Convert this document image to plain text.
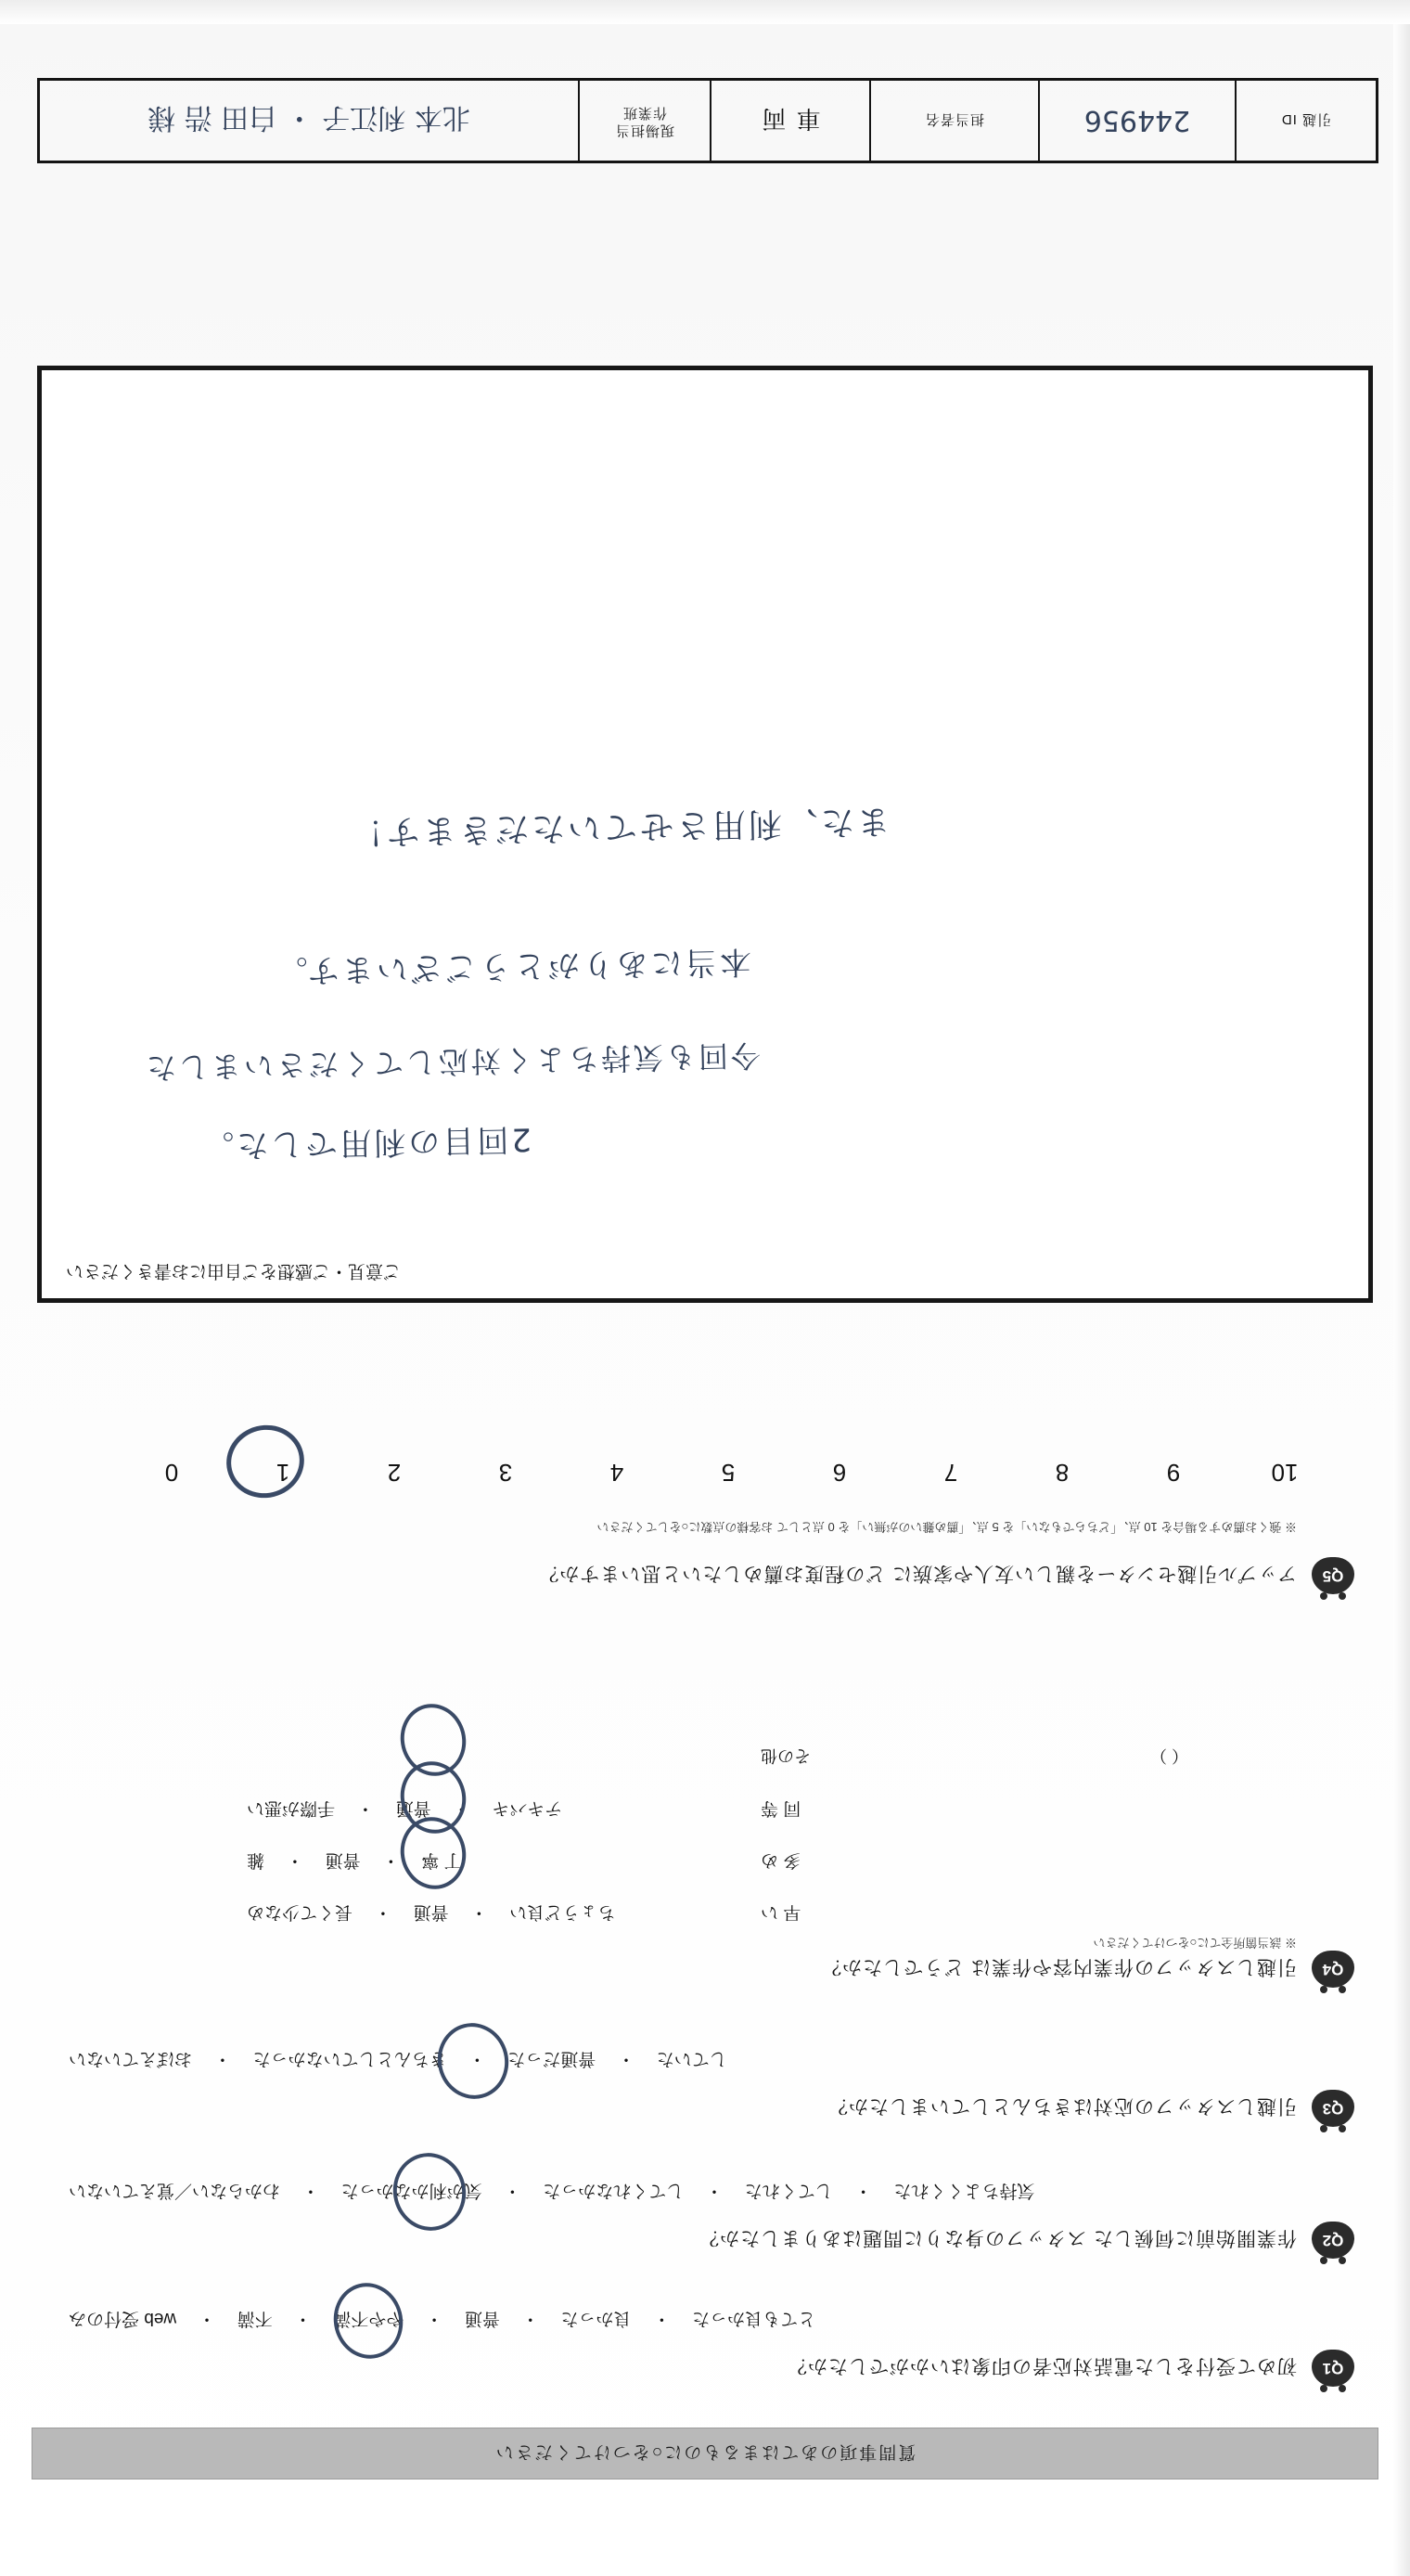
質問事項のあてはまるものに○をつけてください
Q1
初めて受付をした電話対応者の印象はいかがでしたか？
とても良かった ・ 良かった ・ 普通 ・ やや不満 ・ 不満 ・ web 受付のみ
Q2
作業開始前に伺候した スタッフの身なりに問題はありましたか？
気持ちよくくれた ・ してくれた ・ してくれなかった ・ 気が利かなかった ・ わからない／覚えていない
Q3
引越しスタッフの応対はきちんとしていましたか？
していた ・ 普通だった ・ きちんとしていなかった ・ おぼえていない
Q4
引越しスタッフの作業内容や作業は どうでしたか？
※ 該当箇所全てに○をつけてください
早 い
ちょうど良い ・ 普通 ・ 長くて少なめ
多 め
丁 寧 ・ 普通 ・ 雑
同 等
テキパキ ・ 普通 ・ 手際が悪い
その他	（ ）
Q5
アップル引越センターを親しい友人や家族に どの程度お薦めしたいと思いますか？
※ 強くお薦めする場合を 10 点、「どちらでもない」を 5 点、「薦め難いのが無い」を 0 点として お客様の点数に○をしてください
10
9
8
7
6
5
4
3
2
1
0
ご意見・ご感想をご自由にお書きください
2回目の利用でした。
今回も気持ちよく対応してくださいました
本当にありがとうございます。
また、利用させていただきます！
引越 ID
244956
担当者名
車 両
現場担当
作業班
北本 利江子 ・ 白田 浩 様
